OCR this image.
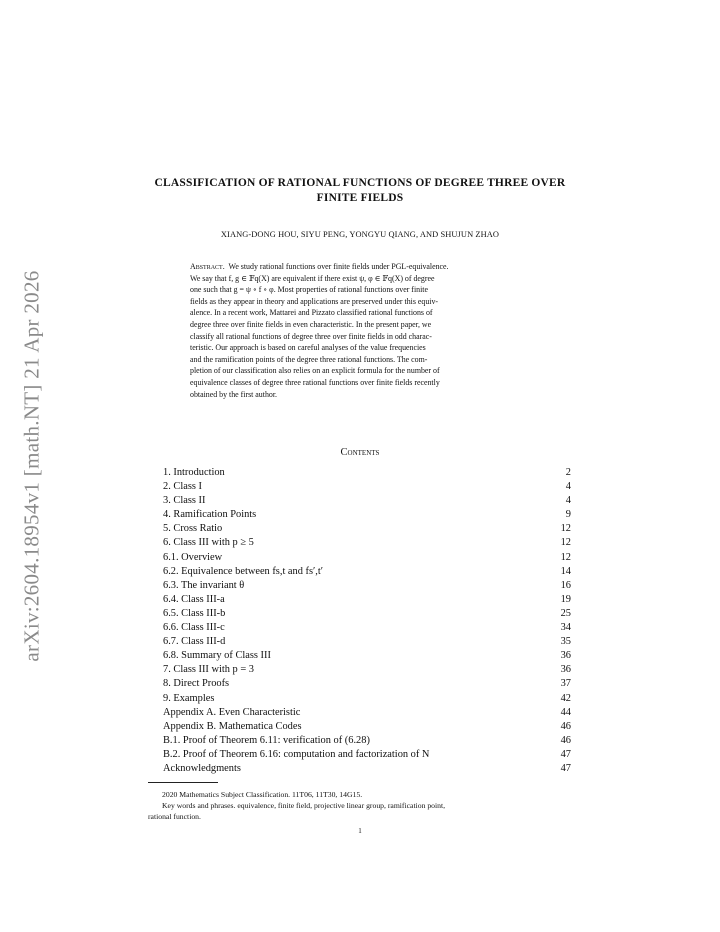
arXiv:2604.18954v1 [math.NT] 21 Apr 2026
CLASSIFICATION OF RATIONAL FUNCTIONS OF DEGREE THREE OVER FINITE FIELDS
XIANG-DONG HOU, SIYU PENG, YONGYU QIANG, AND SHUJUN ZHAO

Abstract. We study rational functions over finite fields under PGL-equivalence.

We say that f, g ∈ 𝔽q(X) are equivalent if there exist ψ, φ ∈ 𝔽q(X) of degree

one such that g = ψ ∘ f ∘ φ. Most properties of rational functions over finite

fields as they appear in theory and applications are preserved under this equiv-

alence. In a recent work, Mattarei and Pizzato classified rational functions of

degree three over finite fields in even characteristic. In the present paper, we

classify all rational functions of degree three over finite fields in odd charac-

teristic. Our approach is based on careful analyses of the value frequencies

and the ramification points of the degree three rational functions. The com-

pletion of our classification also relies on an explicit formula for the number of

equivalence classes of degree three rational functions over finite fields recently

obtained by the first author.

Contents
1. Introduction	2
2. Class I	4
3. Class II	4
4. Ramification Points	9
5. Cross Ratio	12
6. Class III with p ≥ 5	12
6.1. Overview	12
6.2. Equivalence between fs,t and fs′,t′	14
6.3. The invariant θ	16
6.4. Class III-a	19
6.5. Class III-b	25
6.6. Class III-c	34
6.7. Class III-d	35
6.8. Summary of Class III	36
7. Class III with p = 3	36
8. Direct Proofs	37
9. Examples	42
Appendix A. Even Characteristic	44
Appendix B. Mathematica Codes	46
B.1. Proof of Theorem 6.11: verification of (6.28)	46
B.2. Proof of Theorem 6.16: computation and factorization of N	47
Acknowledgments	47

2020 Mathematics Subject Classification. 11T06, 11T30, 14G15.

Key words and phrases. equivalence, finite field, projective linear group, ramification point,

rational function.

1
